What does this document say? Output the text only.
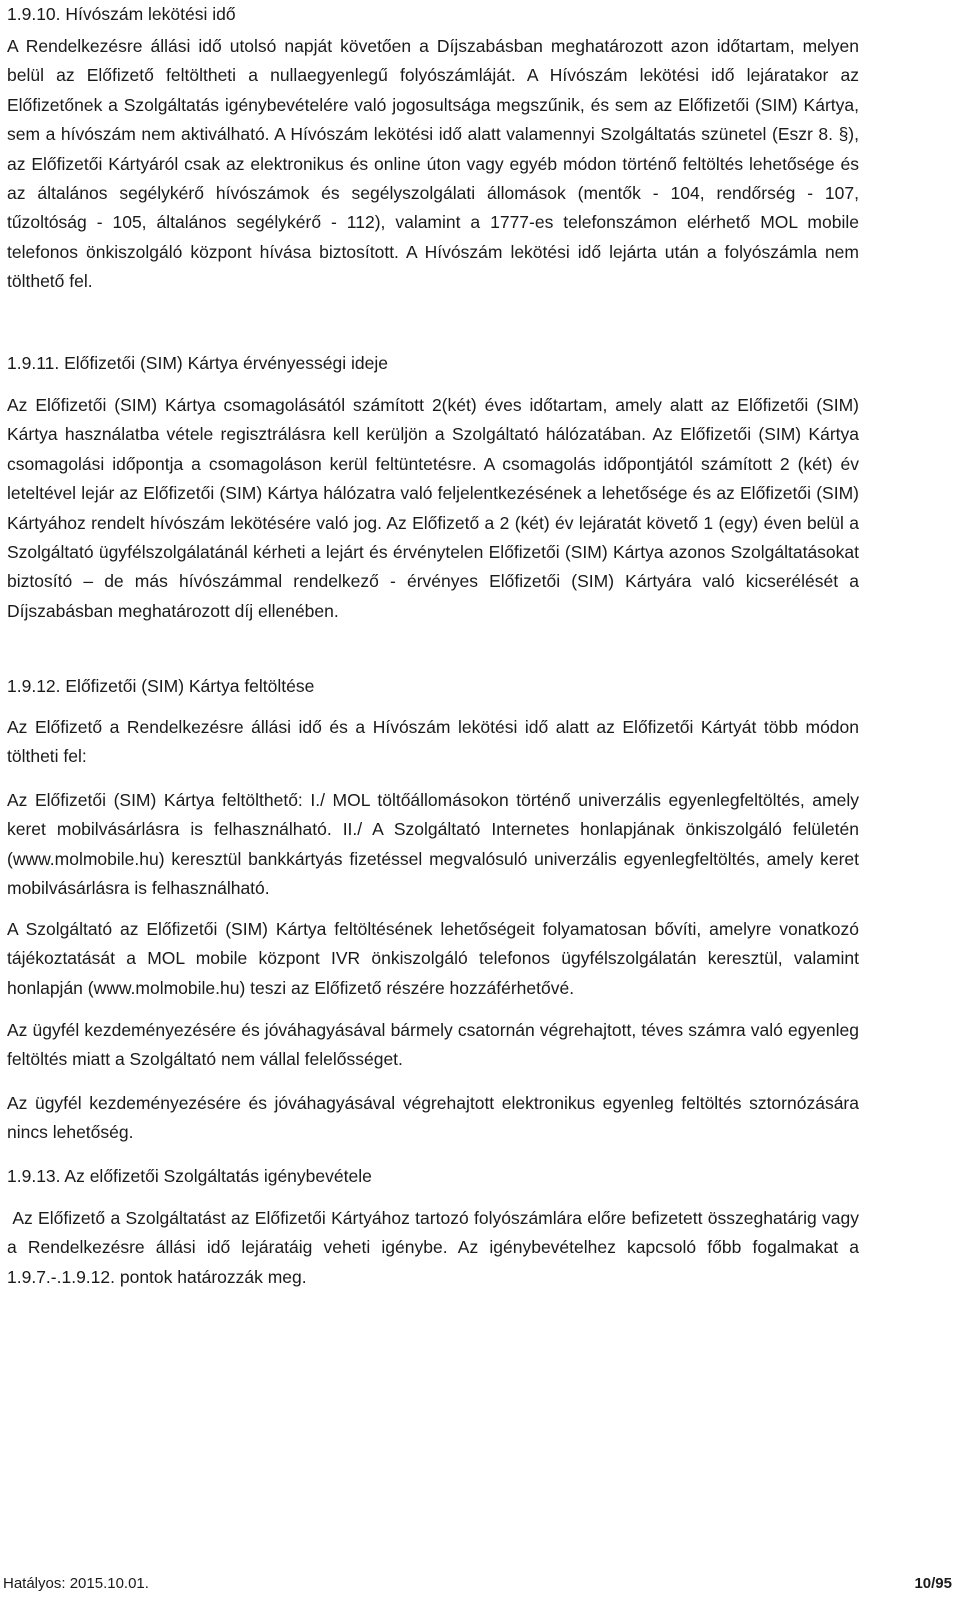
1.9.10. Hívószám lekötési idő

A Rendelkezésre állási idő utolsó napját követően a Díjszabásban meghatározott azon időtartam, melyen belül az Előfizető feltöltheti a nullaegyenlegű folyószámláját. A Hívószám lekötési idő lejáratakor az Előfizetőnek a Szolgáltatás igénybevételére való jogosultsága megszűnik, és sem az Előfizetői (SIM) Kártya, sem a hívószám nem aktiválható. A Hívószám lekötési idő alatt valamennyi Szolgáltatás szünetel (Eszr 8. §), az Előfizetői Kártyáról csak az elektronikus és online úton vagy egyéb módon történő feltöltés lehetősége és az általános segélykérő hívószámok és segélyszolgálati állomások (mentők - 104, rendőrség - 107, tűzoltóság - 105, általános segélykérő - 112), valamint a 1777-es telefonszámon elérhető MOL mobile telefonos önkiszolgáló központ hívása biztosított. A Hívószám lekötési idő lejárta után a folyószámla nem tölthető fel.

1.9.11. Előfizetői (SIM) Kártya érvényességi ideje

Az Előfizetői (SIM) Kártya csomagolásától számított 2(két) éves időtartam, amely alatt az Előfizetői (SIM) Kártya használatba vétele regisztrálásra kell kerüljön a Szolgáltató hálózatában. Az Előfizetői (SIM) Kártya csomagolási időpontja a csomagoláson kerül feltüntetésre. A csomagolás időpontjától számított 2 (két) év leteltével lejár az Előfizetői (SIM) Kártya hálózatra való feljelentkezésének a lehetősége és az Előfizetői (SIM) Kártyához rendelt hívószám lekötésére való jog. Az Előfizető a 2 (két) év lejáratát követő 1 (egy) éven belül a Szolgáltató ügyfélszolgálatánál kérheti a lejárt és érvénytelen Előfizetői (SIM) Kártya azonos Szolgáltatásokat biztosító – de más hívószámmal rendelkező - érvényes Előfizetői (SIM) Kártyára való kicserélését a Díjszabásban meghatározott díj ellenében.

1.9.12. Előfizetői (SIM) Kártya feltöltése

Az Előfizető a Rendelkezésre állási idő és a Hívószám lekötési idő alatt az Előfizetői Kártyát több módon töltheti fel:

Az Előfizetői (SIM) Kártya feltölthető: I./ MOL töltőállomásokon történő univerzális egyenlegfeltöltés, amely keret mobilvásárlásra is felhasználható. II./ A Szolgáltató Internetes honlapjának önkiszolgáló felületén (www.molmobile.hu) keresztül bankkártyás fizetéssel megvalósuló univerzális egyenlegfeltöltés, amely keret mobilvásárlásra is felhasználható.

A Szolgáltató az Előfizetői (SIM) Kártya feltöltésének lehetőségeit folyamatosan bővíti, amelyre vonatkozó tájékoztatását a MOL mobile központ IVR önkiszolgáló telefonos ügyfélszolgálatán keresztül, valamint honlapján (www.molmobile.hu) teszi az Előfizető részére hozzáférhetővé.

Az ügyfél kezdeményezésére és jóváhagyásával bármely csatornán végrehajtott, téves számra való egyenleg feltöltés miatt a Szolgáltató nem vállal felelősséget.

Az ügyfél kezdeményezésére és jóváhagyásával végrehajtott elektronikus egyenleg feltöltés sztornózására nincs lehetőség.

1.9.13. Az előfizetői Szolgáltatás igénybevétele

Az Előfizető a Szolgáltatást az Előfizetői Kártyához tartozó folyószámlára előre befizetett összeghatárig vagy a Rendelkezésre állási idő lejáratáig veheti igénybe. Az igénybevételhez kapcsoló főbb fogalmakat a 1.9.7.-.1.9.12. pontok határozzák meg.

Hatályos: 2015.10.01.	10/95
